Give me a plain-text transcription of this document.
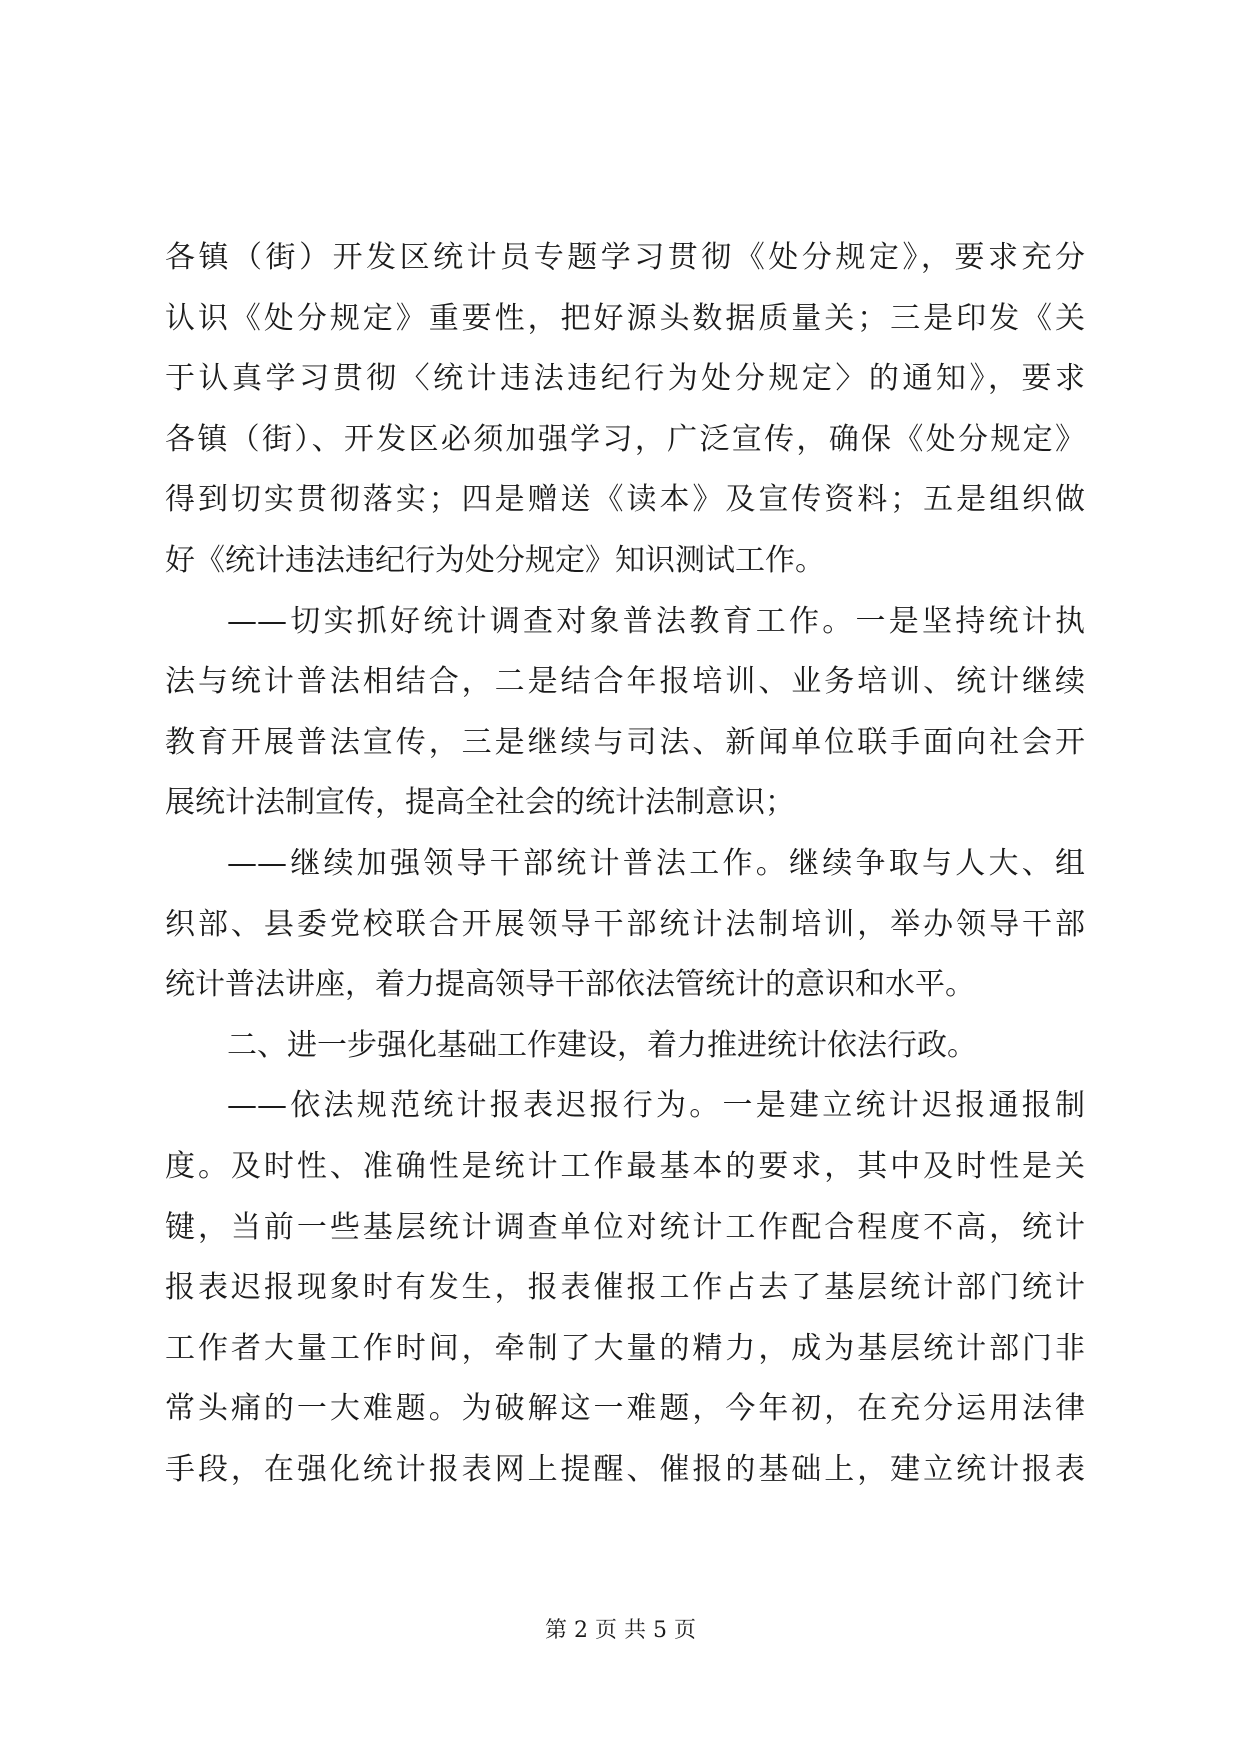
各镇（街）开发区统计员专题学习贯彻《处分规定》，要求充分
认识《处分规定》重要性，把好源头数据质量关；三是印发《关
于认真学习贯彻〈统计违法违纪行为处分规定〉的通知》，要求
各镇（街）、开发区必须加强学习，广泛宣传，确保《处分规定》
得到切实贯彻落实；四是赠送《读本》及宣传资料；五是组织做
好《统计违法违纪行为处分规定》知识测试工作。
——切实抓好统计调查对象普法教育工作。一是坚持统计执
法与统计普法相结合，二是结合年报培训、业务培训、统计继续
教育开展普法宣传，三是继续与司法、新闻单位联手面向社会开
展统计法制宣传，提高全社会的统计法制意识；
——继续加强领导干部统计普法工作。继续争取与人大、组
织部、县委党校联合开展领导干部统计法制培训，举办领导干部
统计普法讲座，着力提高领导干部依法管统计的意识和水平。
二、进一步强化基础工作建设，着力推进统计依法行政。
——依法规范统计报表迟报行为。一是建立统计迟报通报制
度。及时性、准确性是统计工作最基本的要求，其中及时性是关
键，当前一些基层统计调查单位对统计工作配合程度不高，统计
报表迟报现象时有发生，报表催报工作占去了基层统计部门统计
工作者大量工作时间，牵制了大量的精力，成为基层统计部门非
常头痛的一大难题。为破解这一难题，今年初，在充分运用法律
手段，在强化统计报表网上提醒、催报的基础上，建立统计报表
第 2 页 共 5 页
